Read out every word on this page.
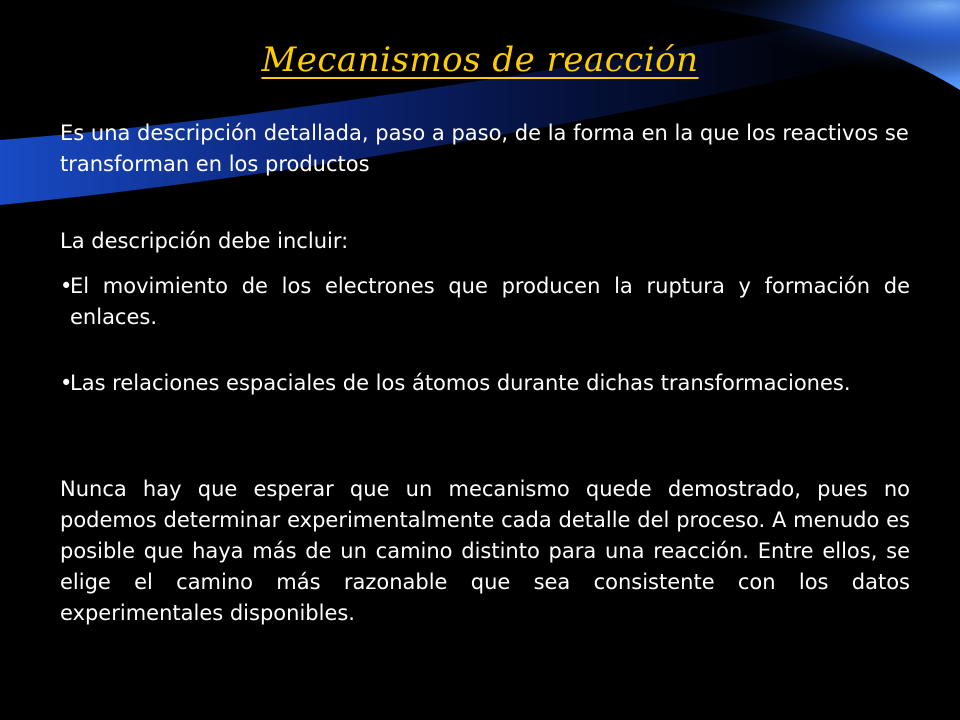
Mecanismos de reacción
Es una descripción detallada, paso a paso, de la forma en la que los reactivos se transforman en los productos
La descripción debe incluir:
•
El movimiento de los electrones que producen la ruptura y formación de enlaces.
•
Las relaciones espaciales de los átomos durante dichas transformaciones.
Nunca hay que esperar que un mecanismo quede demostrado, pues no podemos determinar experimentalmente cada detalle del proceso. A menudo es posible que haya más de un camino distinto para una reacción. Entre ellos, se elige el camino más razonable que sea consistente con los datos experimentales disponibles.
